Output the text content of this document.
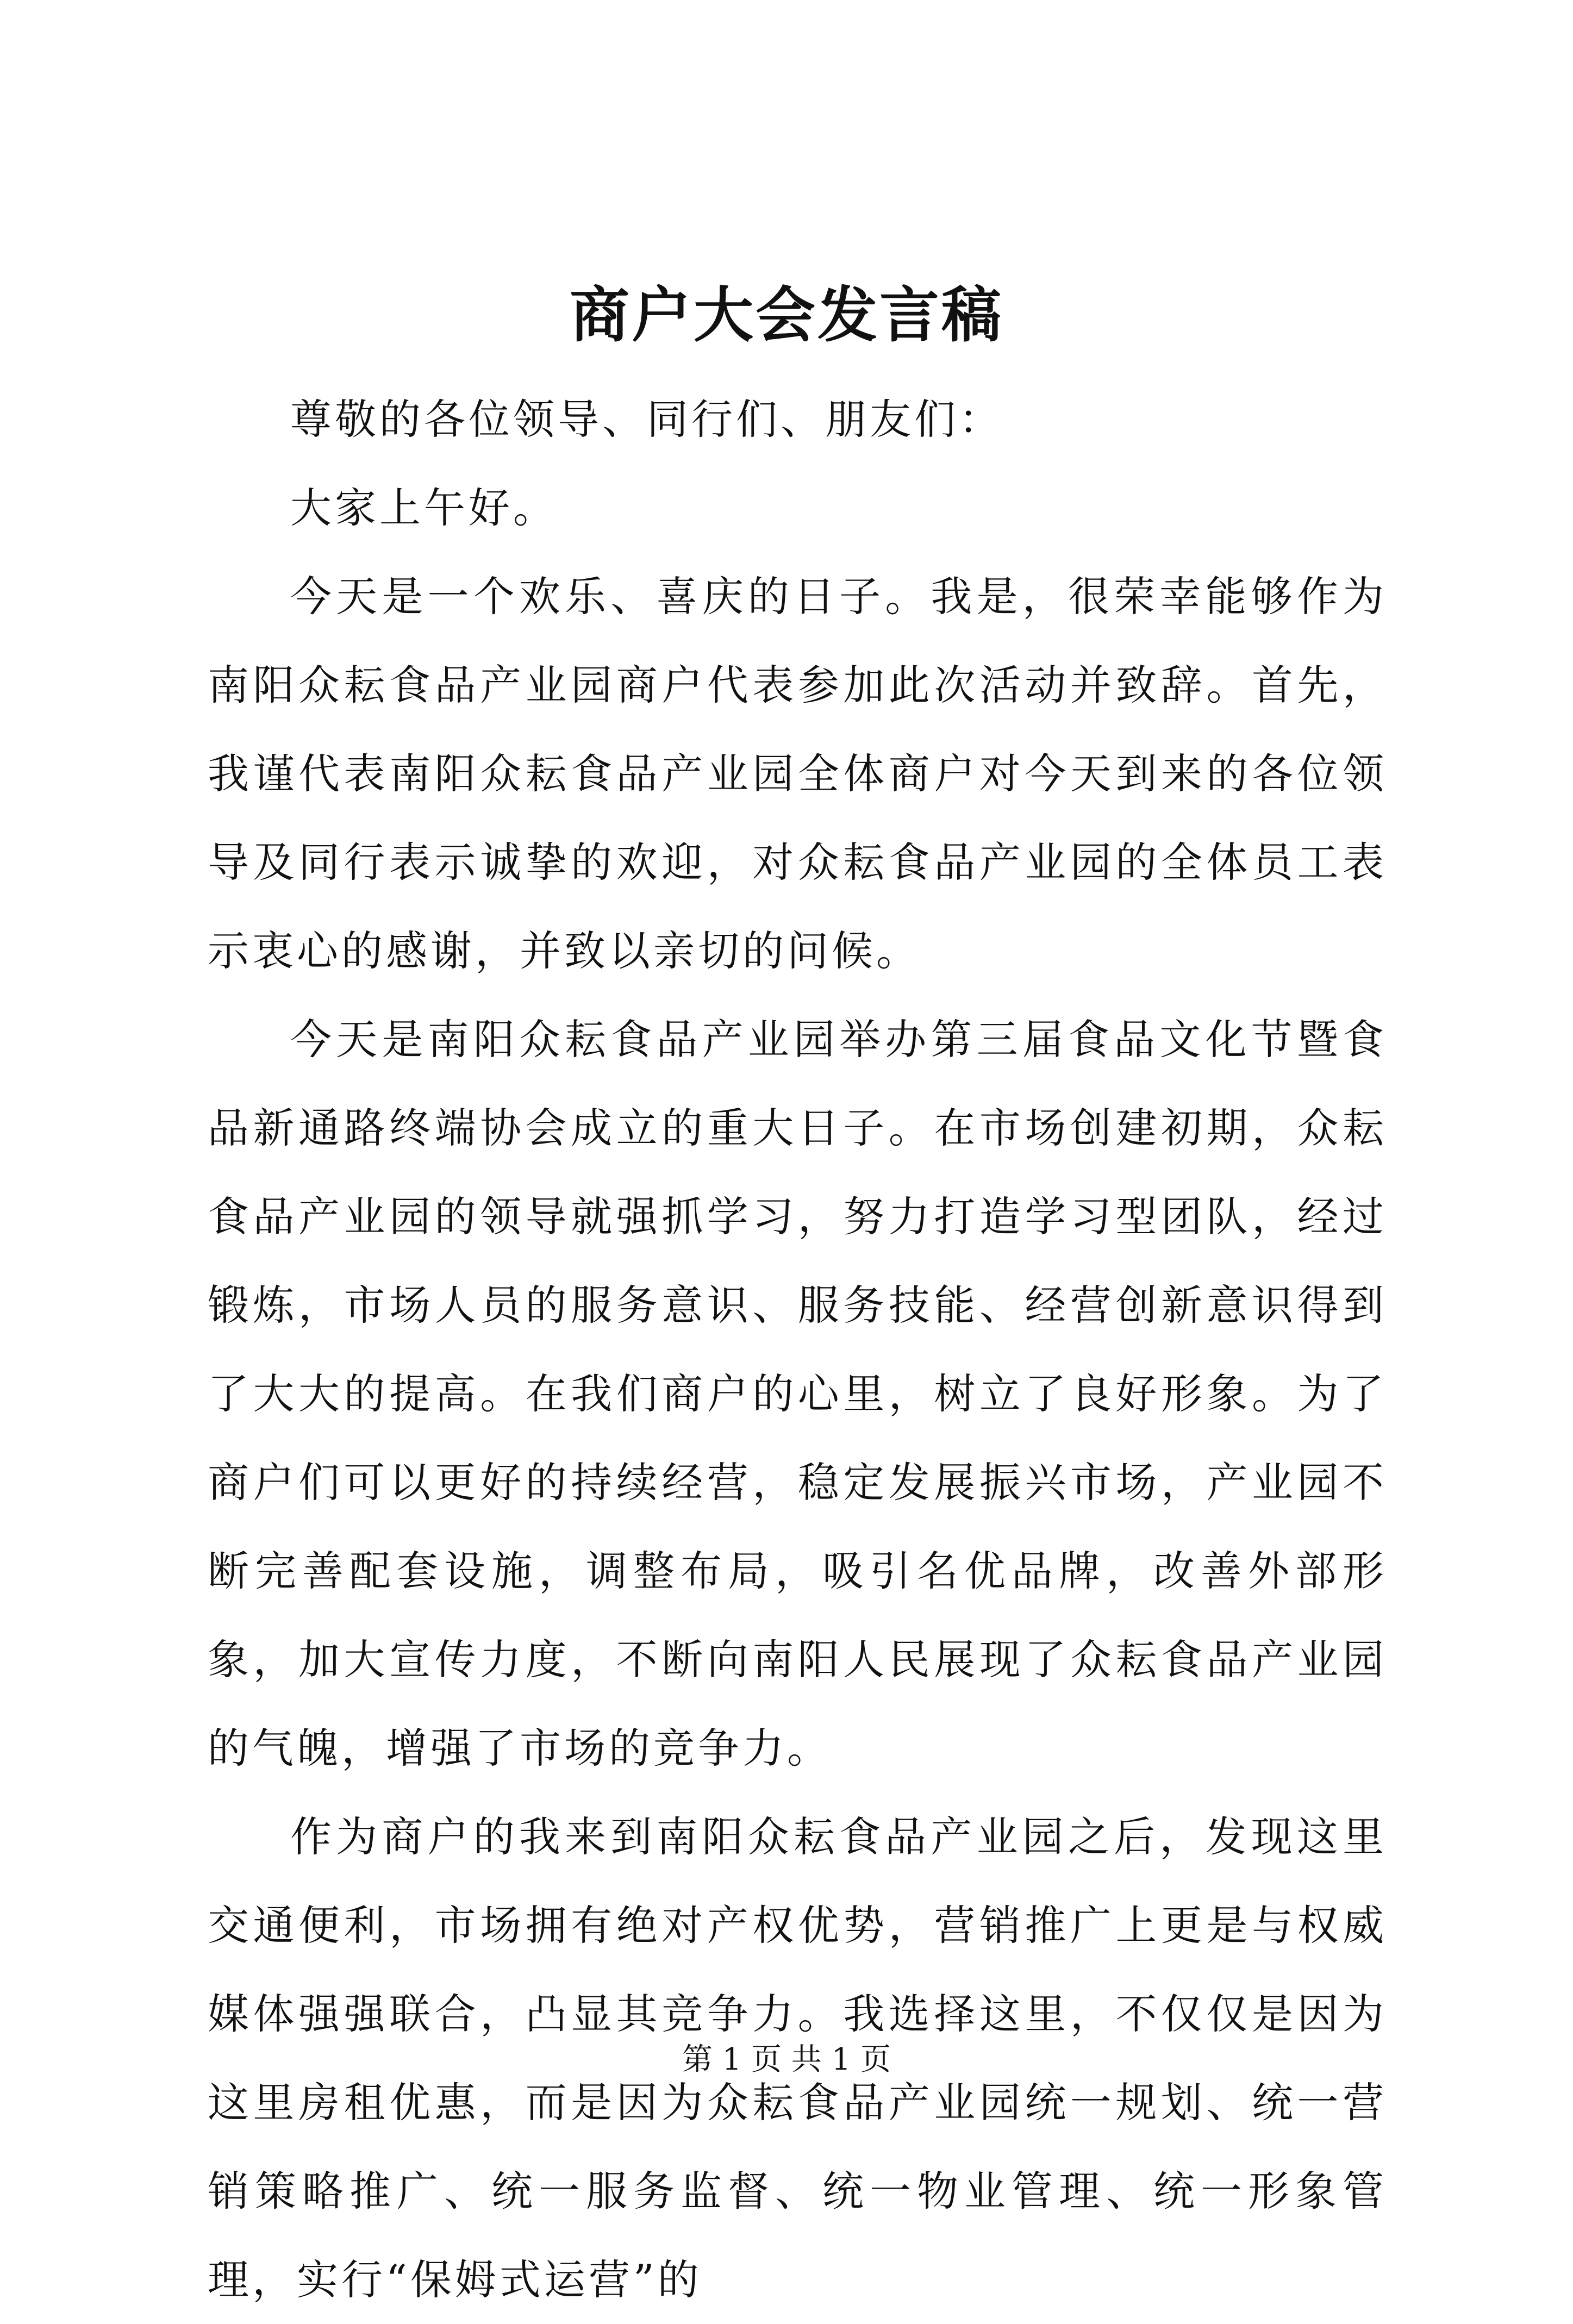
商户大会发言稿

尊敬的各位领导、同行们、朋友们：

大家上午好。

今天是一个欢乐、喜庆的日子。我是，很荣幸能够作为南阳众耘食品产业园商户代表参加此次活动并致辞。首先，我谨代表南阳众耘食品产业园全体商户对今天到来的各位领导及同行表示诚挚的欢迎，对众耘食品产业园的全体员工表示衷心的感谢，并致以亲切的问候。

今天是南阳众耘食品产业园举办第三届食品文化节暨食品新通路终端协会成立的重大日子。在市场创建初期，众耘食品产业园的领导就强抓学习，努力打造学习型团队，经过锻炼，市场人员的服务意识、服务技能、经营创新意识得到了大大的提高。在我们商户的心里，树立了良好形象。为了商户们可以更好的持续经营，稳定发展振兴市场，产业园不断完善配套设施，调整布局，吸引名优品牌，改善外部形象，加大宣传力度，不断向南阳人民展现了众耘食品产业园的气魄，增强了市场的竞争力。

作为商户的我来到南阳众耘食品产业园之后，发现这里交通便利，市场拥有绝对产权优势，营销推广上更是与权威媒体强强联合，凸显其竞争力。我选择这里，不仅仅是因为这里房租优惠，而是因为众耘食品产业园统一规划、统一营销策略推广、统一服务监督、统一物业管理、统一形象管理，实行“保姆式运营”的

第 1 页 共 1 页
